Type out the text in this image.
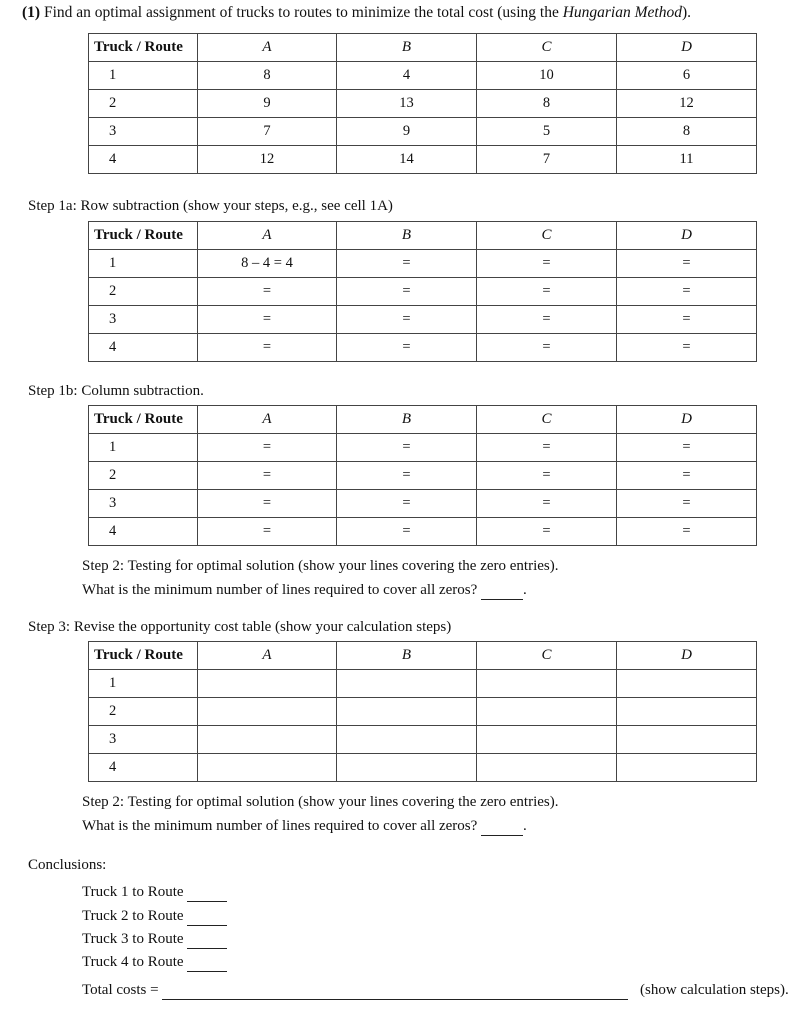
(1) Find an optimal assignment of trucks to routes to minimize the total cost (using the Hungarian Method).
Truck / Route	A	B	C	D
1	8	4	10	6
2	9	13	8	12
3	7	9	5	8
4	12	14	7	11
Step 1a: Row subtraction (show your steps, e.g., see cell 1A)
Truck / Route	A	B	C	D
1	8 – 4 = 4	=	=	=
2	=	=	=	=
3	=	=	=	=
4	=	=	=	=
Step 1b: Column subtraction.
Truck / Route	A	B	C	D
1	=	=	=	=
2	=	=	=	=
3	=	=	=	=
4	=	=	=	=
Step 2: Testing for optimal solution (show your lines covering the zero entries).
What is the minimum number of lines required to cover all zeros?	.
Step 3: Revise the opportunity cost table (show your calculation steps)
Truck / Route	A	B	C	D
1				
2				
3				
4				
Step 2: Testing for optimal solution (show your lines covering the zero entries).
What is the minimum number of lines required to cover all zeros?	.
Conclusions:
Truck 1 to Route
Truck 2 to Route
Truck 3 to Route
Truck 4 to Route
Total costs =	(show calculation steps).
